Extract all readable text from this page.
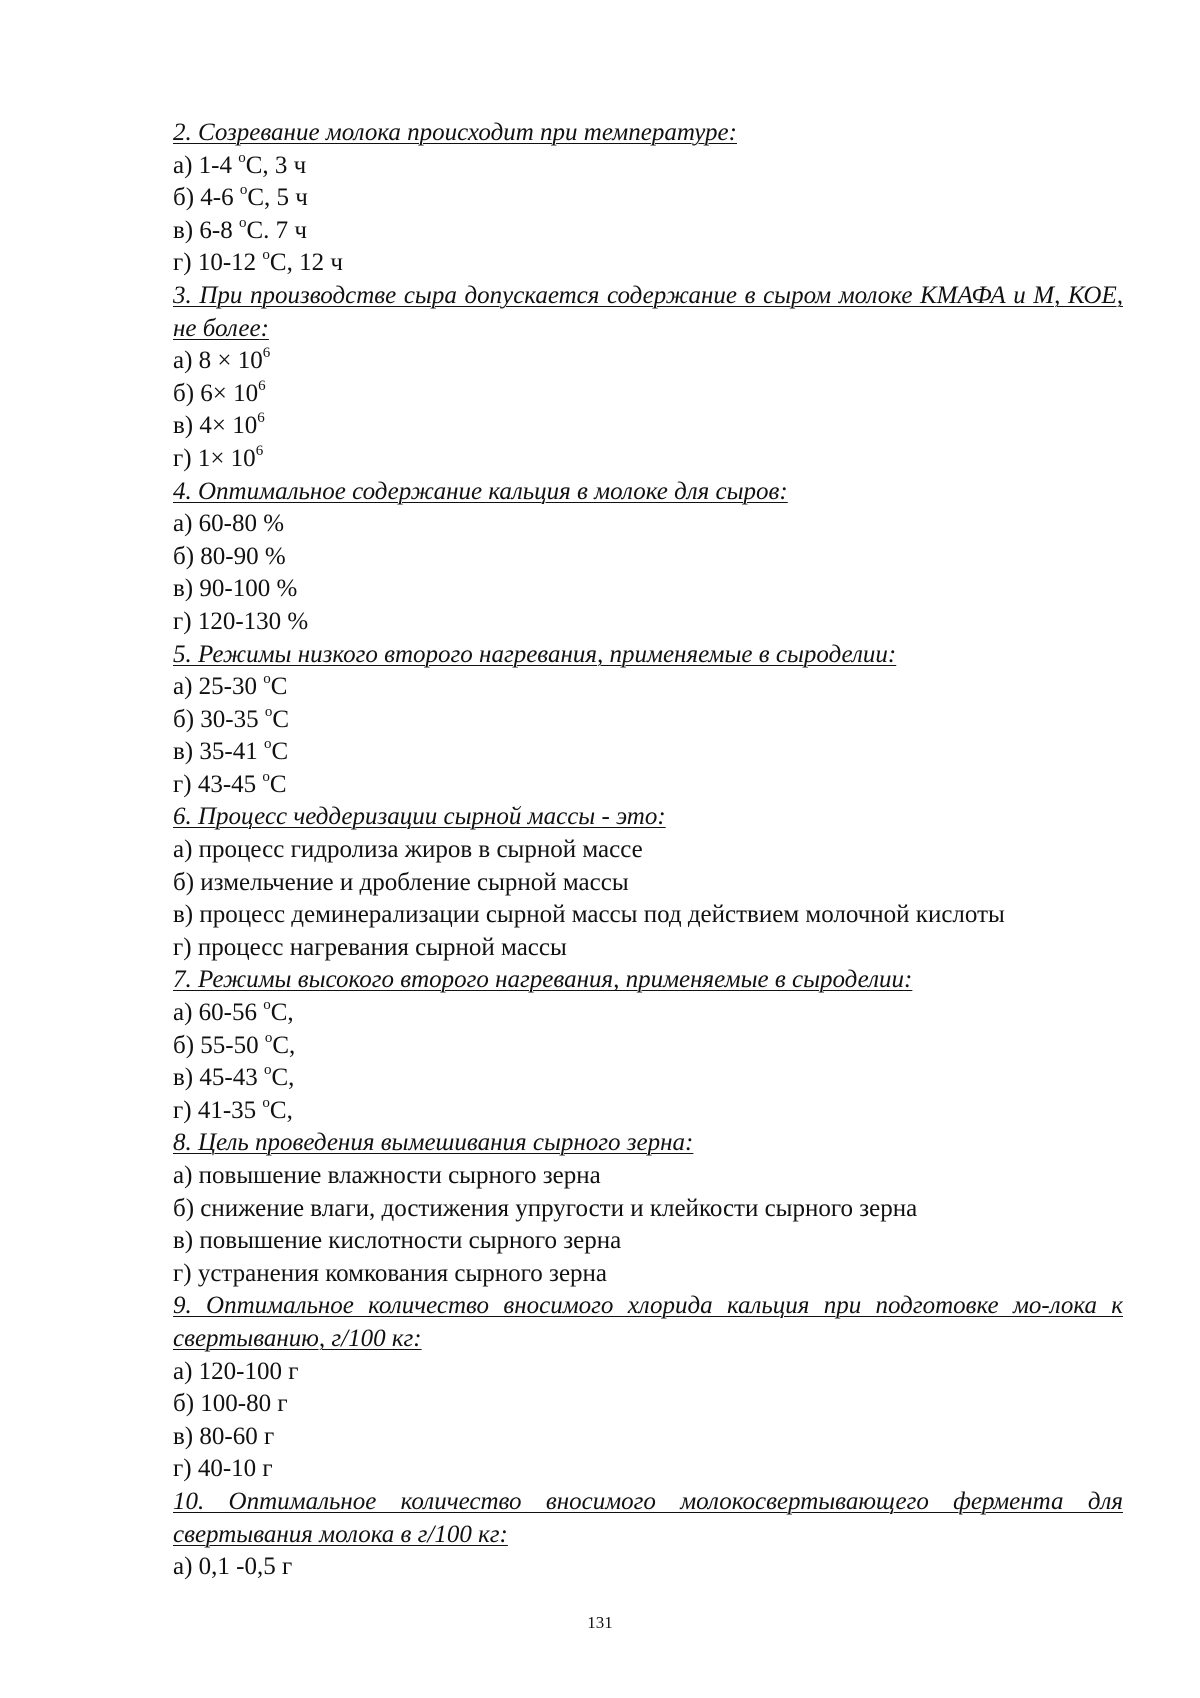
2. Созревание молока происходит при температуре:
а) 1-4 $^о$С, 3 ч
б) 4-6 $^о$С, 5 ч
в) 6-8 $^о$С. 7 ч
г) 10-12 $^о$С, 12 ч
3. При производстве сыра допускается содержание в сыром молоке КМАФА и М, КОЕ, не более:
а) $8 \times 10^6$
б) $6\times 10^6$
в) $4\times 10^6$
г) $1\times 10^6$
4. Оптимальное содержание кальция в молоке для сыров:
а) 60-80 %
б) 80-90 %
в) 90-100 %
г) 120-130 %
5. Режимы низкого второго нагревания, применяемые в сыроделии:
а) 25-30 $^о$С
б) 30-35 $^о$С
в) 35-41 $^о$С
г) 43-45 $^о$С
6. Процесс чеддеризации сырной массы - это:
а) процесс гидролиза жиров в сырной массе
б) измельчение и дробление сырной массы
в) процесс деминерализации сырной массы под действием молочной кислоты
г) процесс нагревания сырной массы
7. Режимы высокого второго нагревания, применяемые в сыроделии:
а) 60-56 $^о$С,
б) 55-50 $^о$С,
в) 45-43 $^о$С,
г) 41-35 $^о$С,
8. Цель проведения вымешивания сырного зерна:
а) повышение влажности сырного зерна
б) снижение влаги, достижения упругости и клейкости сырного зерна
в) повышение кислотности сырного зерна
г) устранения комкования сырного зерна
9. Оптимальное количество вносимого хлорида кальция при подготовке мо-лока к свертыванию, г/100 кг:
а) 120-100 г
б) 100-80 г
в) 80-60 г
г) 40-10 г
10. Оптимальное количество вносимого молокосвертывающего фермента для свертывания молока в г/100 кг:
а) 0,1 -0,5 г
131
